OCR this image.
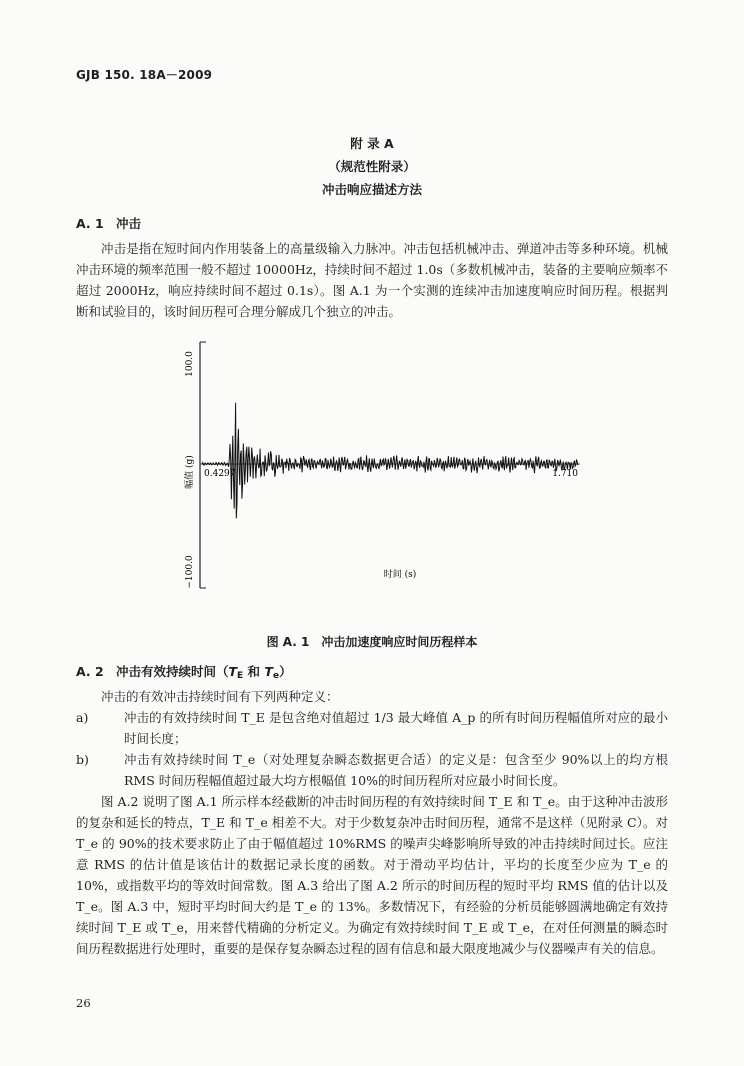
GJB 150. 18A－2009
附 录 A
（规范性附录）
冲击响应描述方法
A. 1 冲击

冲击是指在短时间内作用装备上的高量级输入力脉冲。冲击包括机械冲击、弹道冲击等多种环境。机械冲击环境的频率范围一般不超过 10000Hz，持续时间不超过 1.0s（多数机械冲击，装备的主要响应频率不超过 2000Hz，响应持续时间不超过 0.1s）。图 A.1 为一个实测的连续冲击加速度响应时间历程。根据判断和试验目的，该时间历程可合理分解成几个独立的冲击。

100.0
−100.0
幅值 (g) 0.4297	1.710
时间 (s)
图 A. 1　冲击加速度响应时间历程样本
A. 2 冲击有效持续时间（$T_E$ 和 $T_e$）

冲击的有效冲击持续时间有下列两种定义：

a)	冲击的有效持续时间 T_E 是包含绝对值超过 1/3 最大峰值 A_p 的所有时间历程幅值所对应的最小时间长度；

b)	冲击有效持续时间 T_e（对处理复杂瞬态数据更合适）的定义是：包含至少 90%以上的均方根 RMS 时间历程幅值超过最大均方根幅值 10%的时间历程所对应最小时间长度。

图 A.2 说明了图 A.1 所示样本经截断的冲击时间历程的有效持续时间 T_E 和 T_e。由于这种冲击波形的复杂和延长的特点，T_E 和 T_e 相差不大。对于少数复杂冲击时间历程，通常不是这样（见附录 C）。对 T_e 的 90%的技术要求防止了由于幅值超过 10%RMS 的噪声尖峰影响所导致的冲击持续时间过长。应注意 RMS 的估计值是该估计的数据记录长度的函数。对于滑动平均估计，平均的长度至少应为 T_e 的 10%，或指数平均的等效时间常数。图 A.3 给出了图 A.2 所示的时间历程的短时平均 RMS 值的估计以及 T_e。图 A.3 中，短时平均时间大约是 T_e 的 13%。多数情况下，有经验的分析员能够圆满地确定有效持续时间 T_E 或 T_e，用来替代精确的分析定义。为确定有效持续时间 T_E 或 T_e，在对任何测量的瞬态时间历程数据进行处理时，重要的是保存复杂瞬态过程的固有信息和最大限度地减少与仪器噪声有关的信息。

26
